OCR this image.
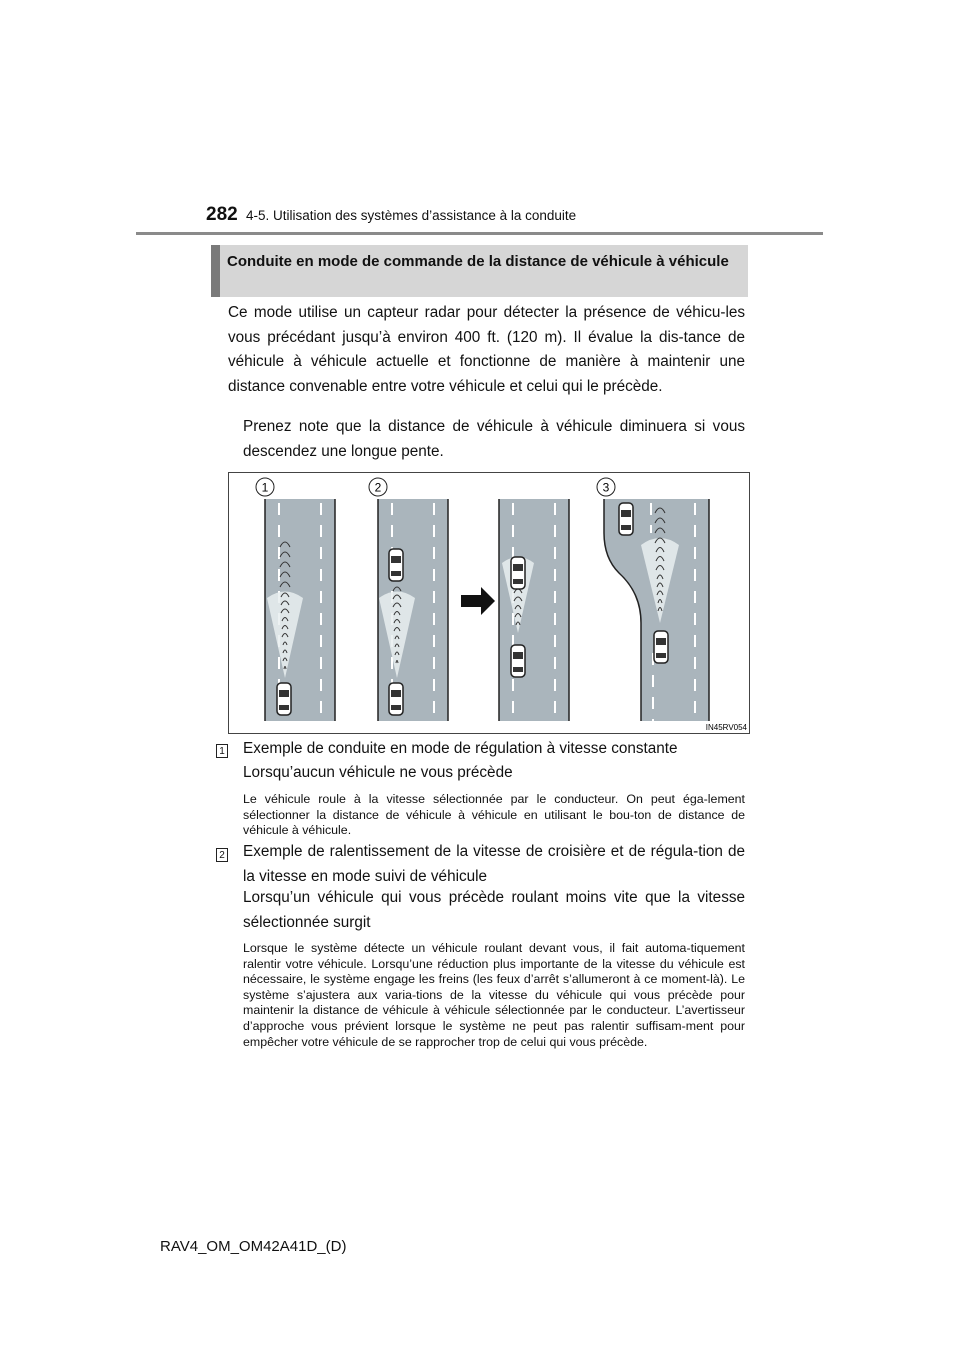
282 4-5. Utilisation des systèmes d’assistance à la conduite
Conduite en mode de commande de la distance de véhicule à véhicule
Ce mode utilise un capteur radar pour détecter la présence de véhicu-les vous précédant jusqu’à environ 400 ft. (120 m). Il évalue la dis-tance de véhicule à véhicule actuelle et fonctionne de manière à maintenir une distance convenable entre votre véhicule et celui qui le précède.
Prenez note que la distance de véhicule à véhicule diminuera si vous descendez une longue pente.
1	2	3
IN45RV054
1 Exemple de conduite en mode de régulation à vitesse constante
Lorsqu’aucun véhicule ne vous précède
Le véhicule roule à la vitesse sélectionnée par le conducteur. On peut éga-lement sélectionner la distance de véhicule à véhicule en utilisant le bou-ton de distance de véhicule à véhicule.
2 Exemple de ralentissement de la vitesse de croisière et de régula-tion de la vitesse en mode suivi de véhicule
Lorsqu’un véhicule qui vous précède roulant moins vite que la vitesse sélectionnée surgit
Lorsque le système détecte un véhicule roulant devant vous, il fait automa-tiquement ralentir votre véhicule. Lorsqu’une réduction plus importante de la vitesse du véhicule est nécessaire, le système engage les freins (les feux d’arrêt s’allumeront à ce moment-là). Le système s’ajustera aux varia-tions de la vitesse du véhicule qui vous précède pour maintenir la distance de véhicule à véhicule sélectionnée par le conducteur. L’avertisseur d’approche vous prévient lorsque le système ne peut pas ralentir suffisam-ment pour empêcher votre véhicule de se rapprocher trop de celui qui vous précède.
RAV4_OM_OM42A41D_(D)
